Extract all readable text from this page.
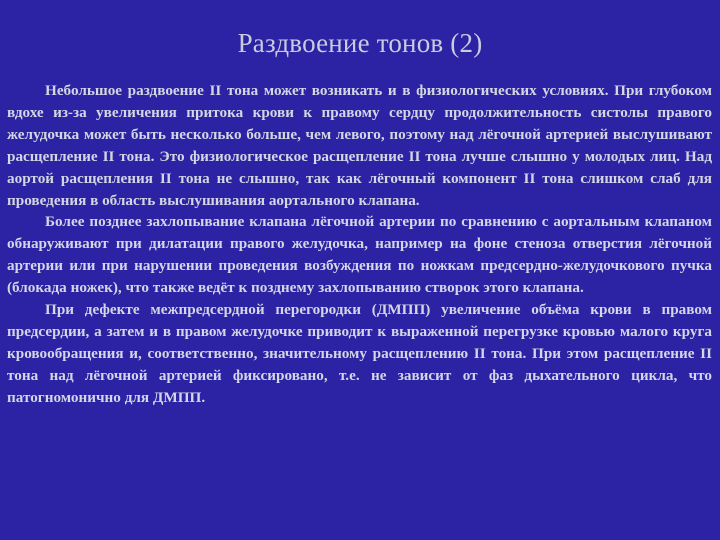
Раздвоение тонов (2)

Небольшое раздвоение II тона может возникать и в физиологических условиях. При глубоком вдохе из-за увеличения притока крови к правому сердцу продолжительность систолы правого желудочка может быть несколько больше, чем левого, поэтому над лёгочной артерией выслушивают расщепление II тона. Это физиологическое расщепление II тона лучше слышно у молодых лиц. Над аортой расщепления II тона не слышно, так как лёгочный компонент II тона слишком слаб для проведения в область выслушивания аортального клапана.

Более позднее захлопывание клапана лёгочной артерии по сравнению с аортальным клапаном обнаруживают при дилатации правого желудочка, например на фоне стеноза отверстия лёгочной артерии или при нарушении проведения возбуждения по ножкам предсердно-желудочкового пучка (блокада ножек), что также ведёт к позднему захлопыванию створок этого клапана.

При дефекте межпредсердной перегородки (ДМПП) увеличение объёма крови в правом предсердии, а затем и в правом желудочке приводит к выраженной перегрузке кровью малого круга кровообращения и, соответственно, значительному расщеплению II тона. При этом расщепление II тона над лёгочной артерией фиксировано, т.е. не зависит от фаз дыхательного цикла, что патогномонично для ДМПП.
